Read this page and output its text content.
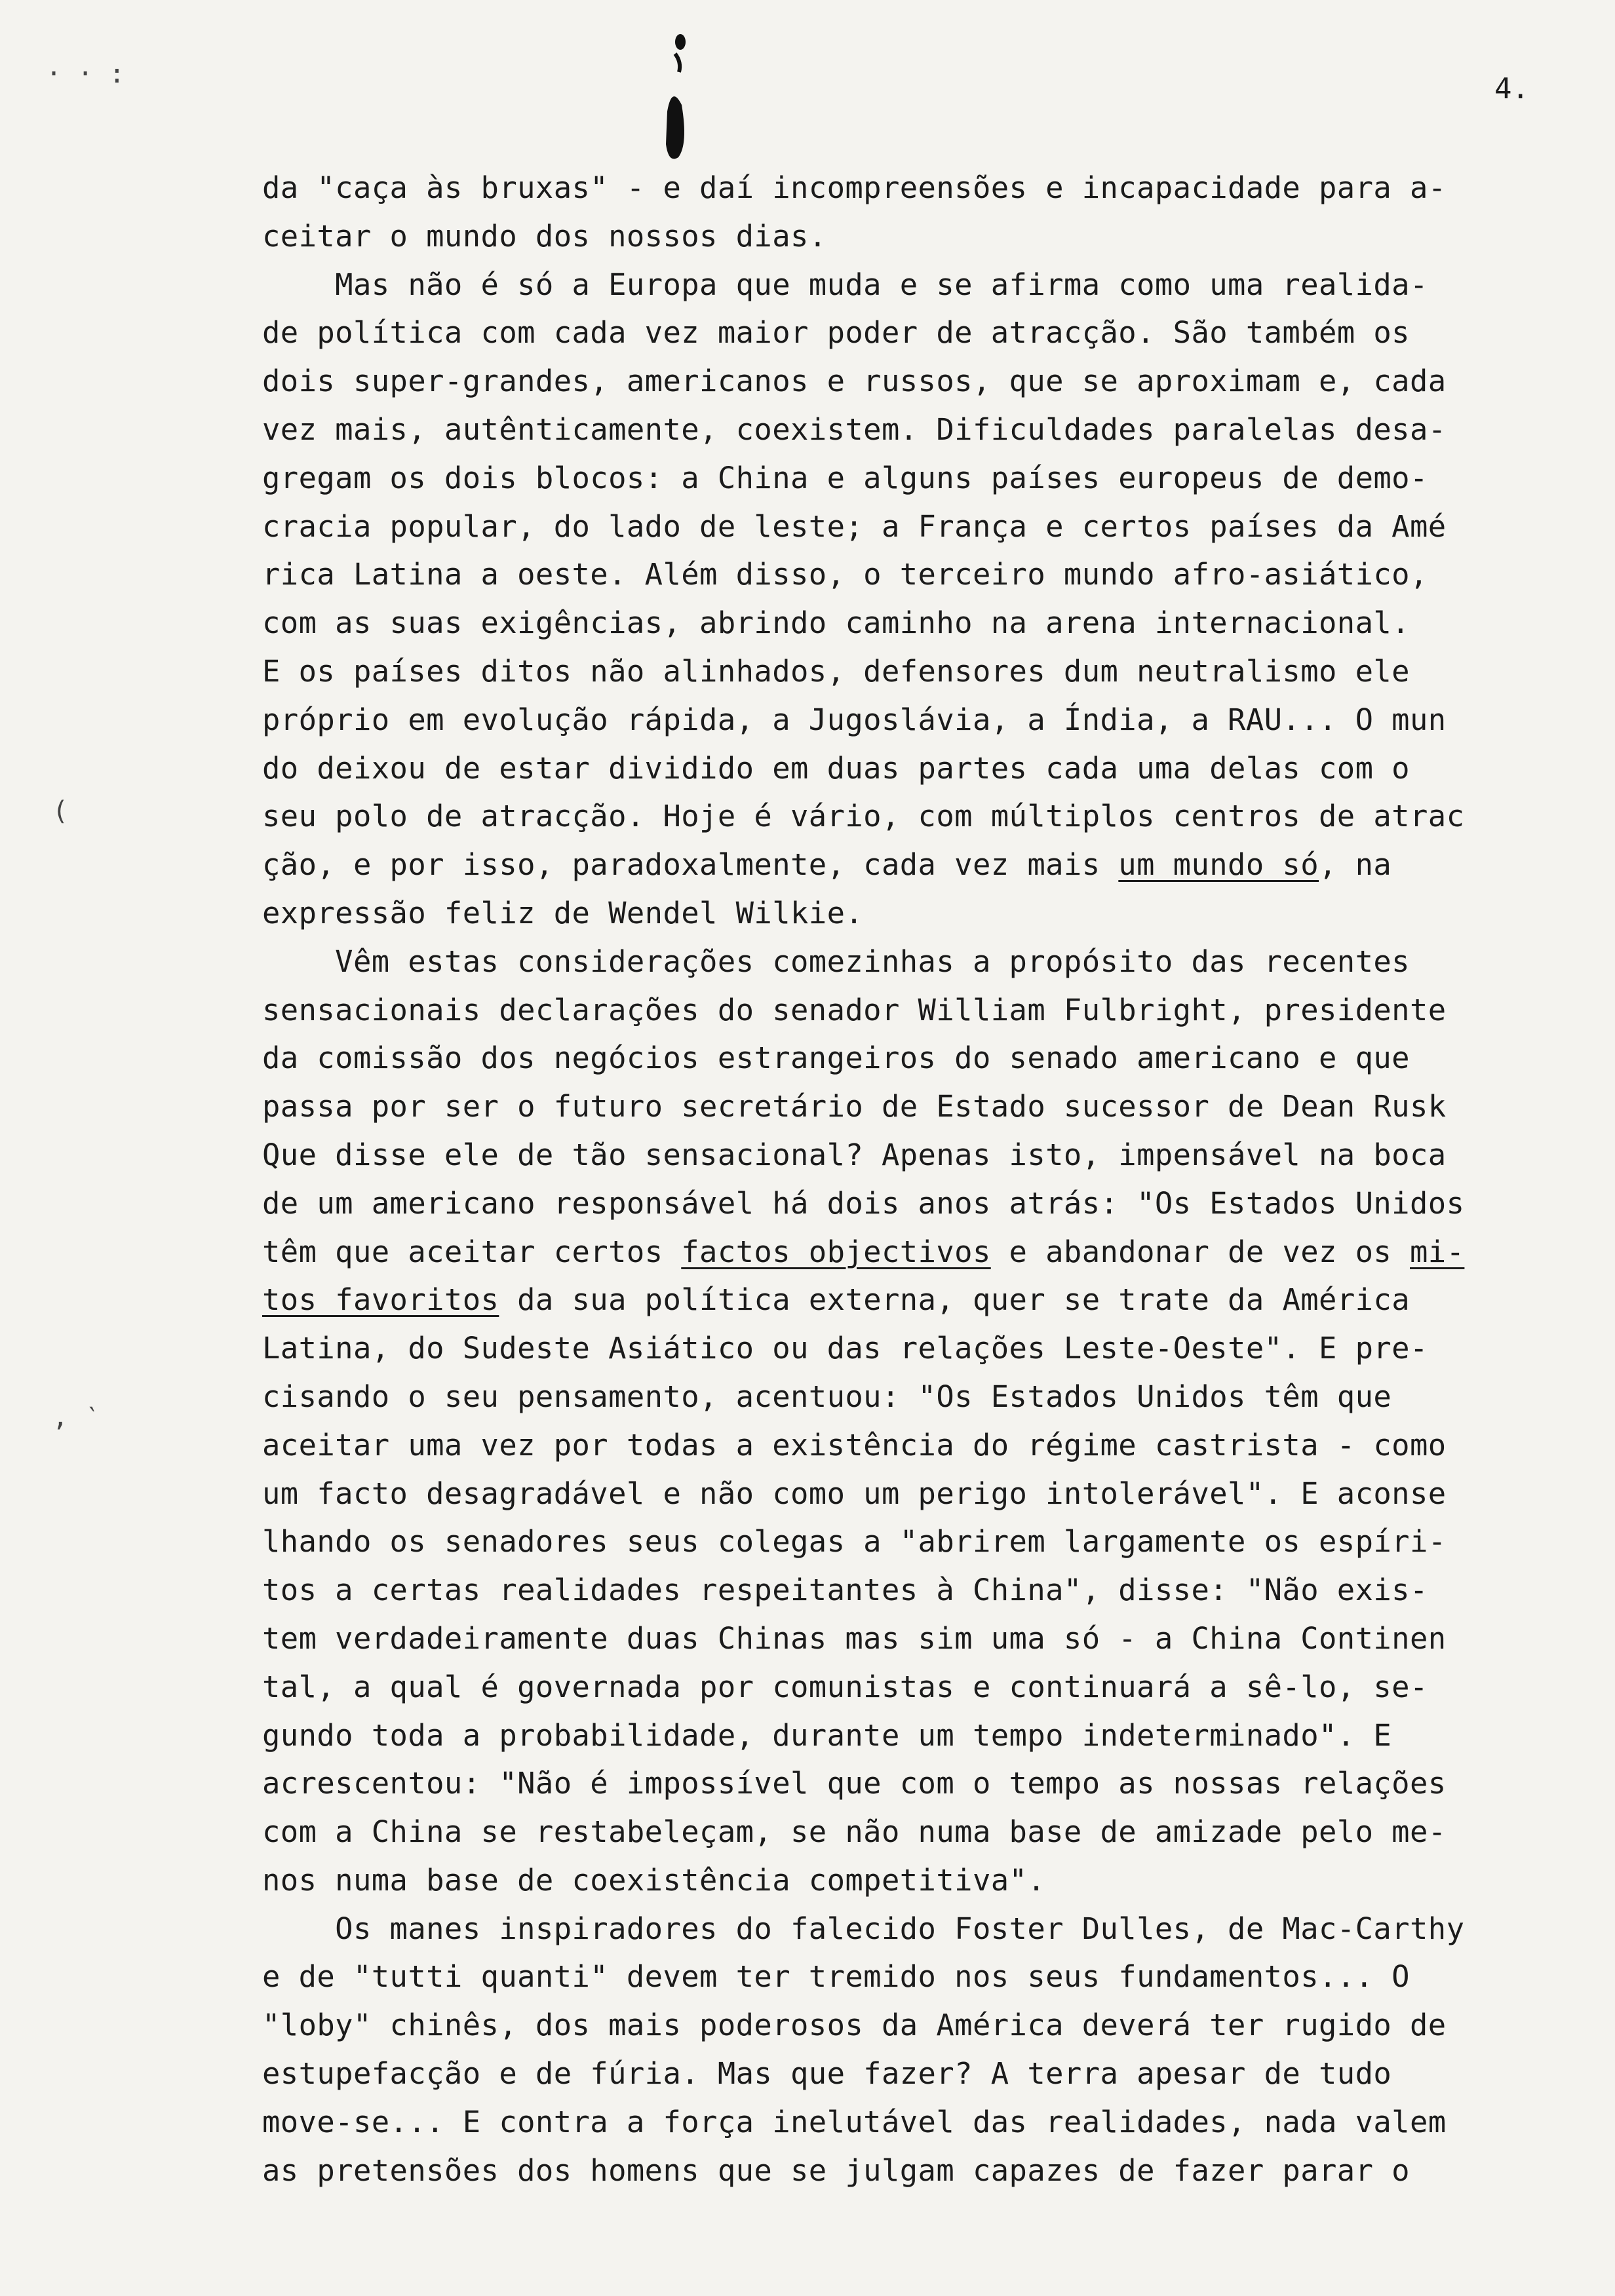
4.
· · :
(
, ‵
da "caça às bruxas" - e daí incompreensões e incapacidade para a-
ceitar o mundo dos nossos dias.
Mas não é só a Europa que muda e se afirma como uma realida-
de política com cada vez maior poder de atracção. São também os
dois super-grandes, americanos e russos, que se aproximam e, cada
vez mais, autênticamente, coexistem. Dificuldades paralelas desa-
gregam os dois blocos: a China e alguns países europeus de demo-
cracia popular, do lado de leste; a França e certos países da Amé
rica Latina a oeste. Além disso, o terceiro mundo afro-asiático,
com as suas exigências, abrindo caminho na arena internacional.
E os países ditos não alinhados, defensores dum neutralismo ele
próprio em evolução rápida, a Jugoslávia, a Índia, a RAU... O mun
do deixou de estar dividido em duas partes cada uma delas com o
seu polo de atracção. Hoje é vário, com múltiplos centros de atrac
ção, e por isso, paradoxalmente, cada vez mais um mundo só, na
expressão feliz de Wendel Wilkie.
Vêm estas considerações comezinhas a propósito das recentes
sensacionais declarações do senador William Fulbright, presidente
da comissão dos negócios estrangeiros do senado americano e que
passa por ser o futuro secretário de Estado sucessor de Dean Rusk
Que disse ele de tão sensacional? Apenas isto, impensável na boca
de um americano responsável há dois anos atrás: "Os Estados Unidos
têm que aceitar certos factos objectivos e abandonar de vez os mi-
tos favoritos da sua política externa, quer se trate da América
Latina, do Sudeste Asiático ou das relações Leste-Oeste". E pre-
cisando o seu pensamento, acentuou: "Os Estados Unidos têm que
aceitar uma vez por todas a existência do régime castrista - como
um facto desagradável e não como um perigo intolerável". E aconse
lhando os senadores seus colegas a "abrirem largamente os espíri-
tos a certas realidades respeitantes à China", disse: "Não exis-
tem verdadeiramente duas Chinas mas sim uma só - a China Continen
tal, a qual é governada por comunistas e continuará a sê-lo, se-
gundo toda a probabilidade, durante um tempo indeterminado". E
acrescentou: "Não é impossível que com o tempo as nossas relações
com a China se restabeleçam, se não numa base de amizade pelo me-
nos numa base de coexistência competitiva".
Os manes inspiradores do falecido Foster Dulles, de Mac-Carthy
e de "tutti quanti" devem ter tremido nos seus fundamentos... O
"loby" chinês, dos mais poderosos da América deverá ter rugido de
estupefacção e de fúria. Mas que fazer? A terra apesar de tudo
move-se... E contra a força inelutável das realidades, nada valem
as pretensões dos homens que se julgam capazes de fazer parar o
